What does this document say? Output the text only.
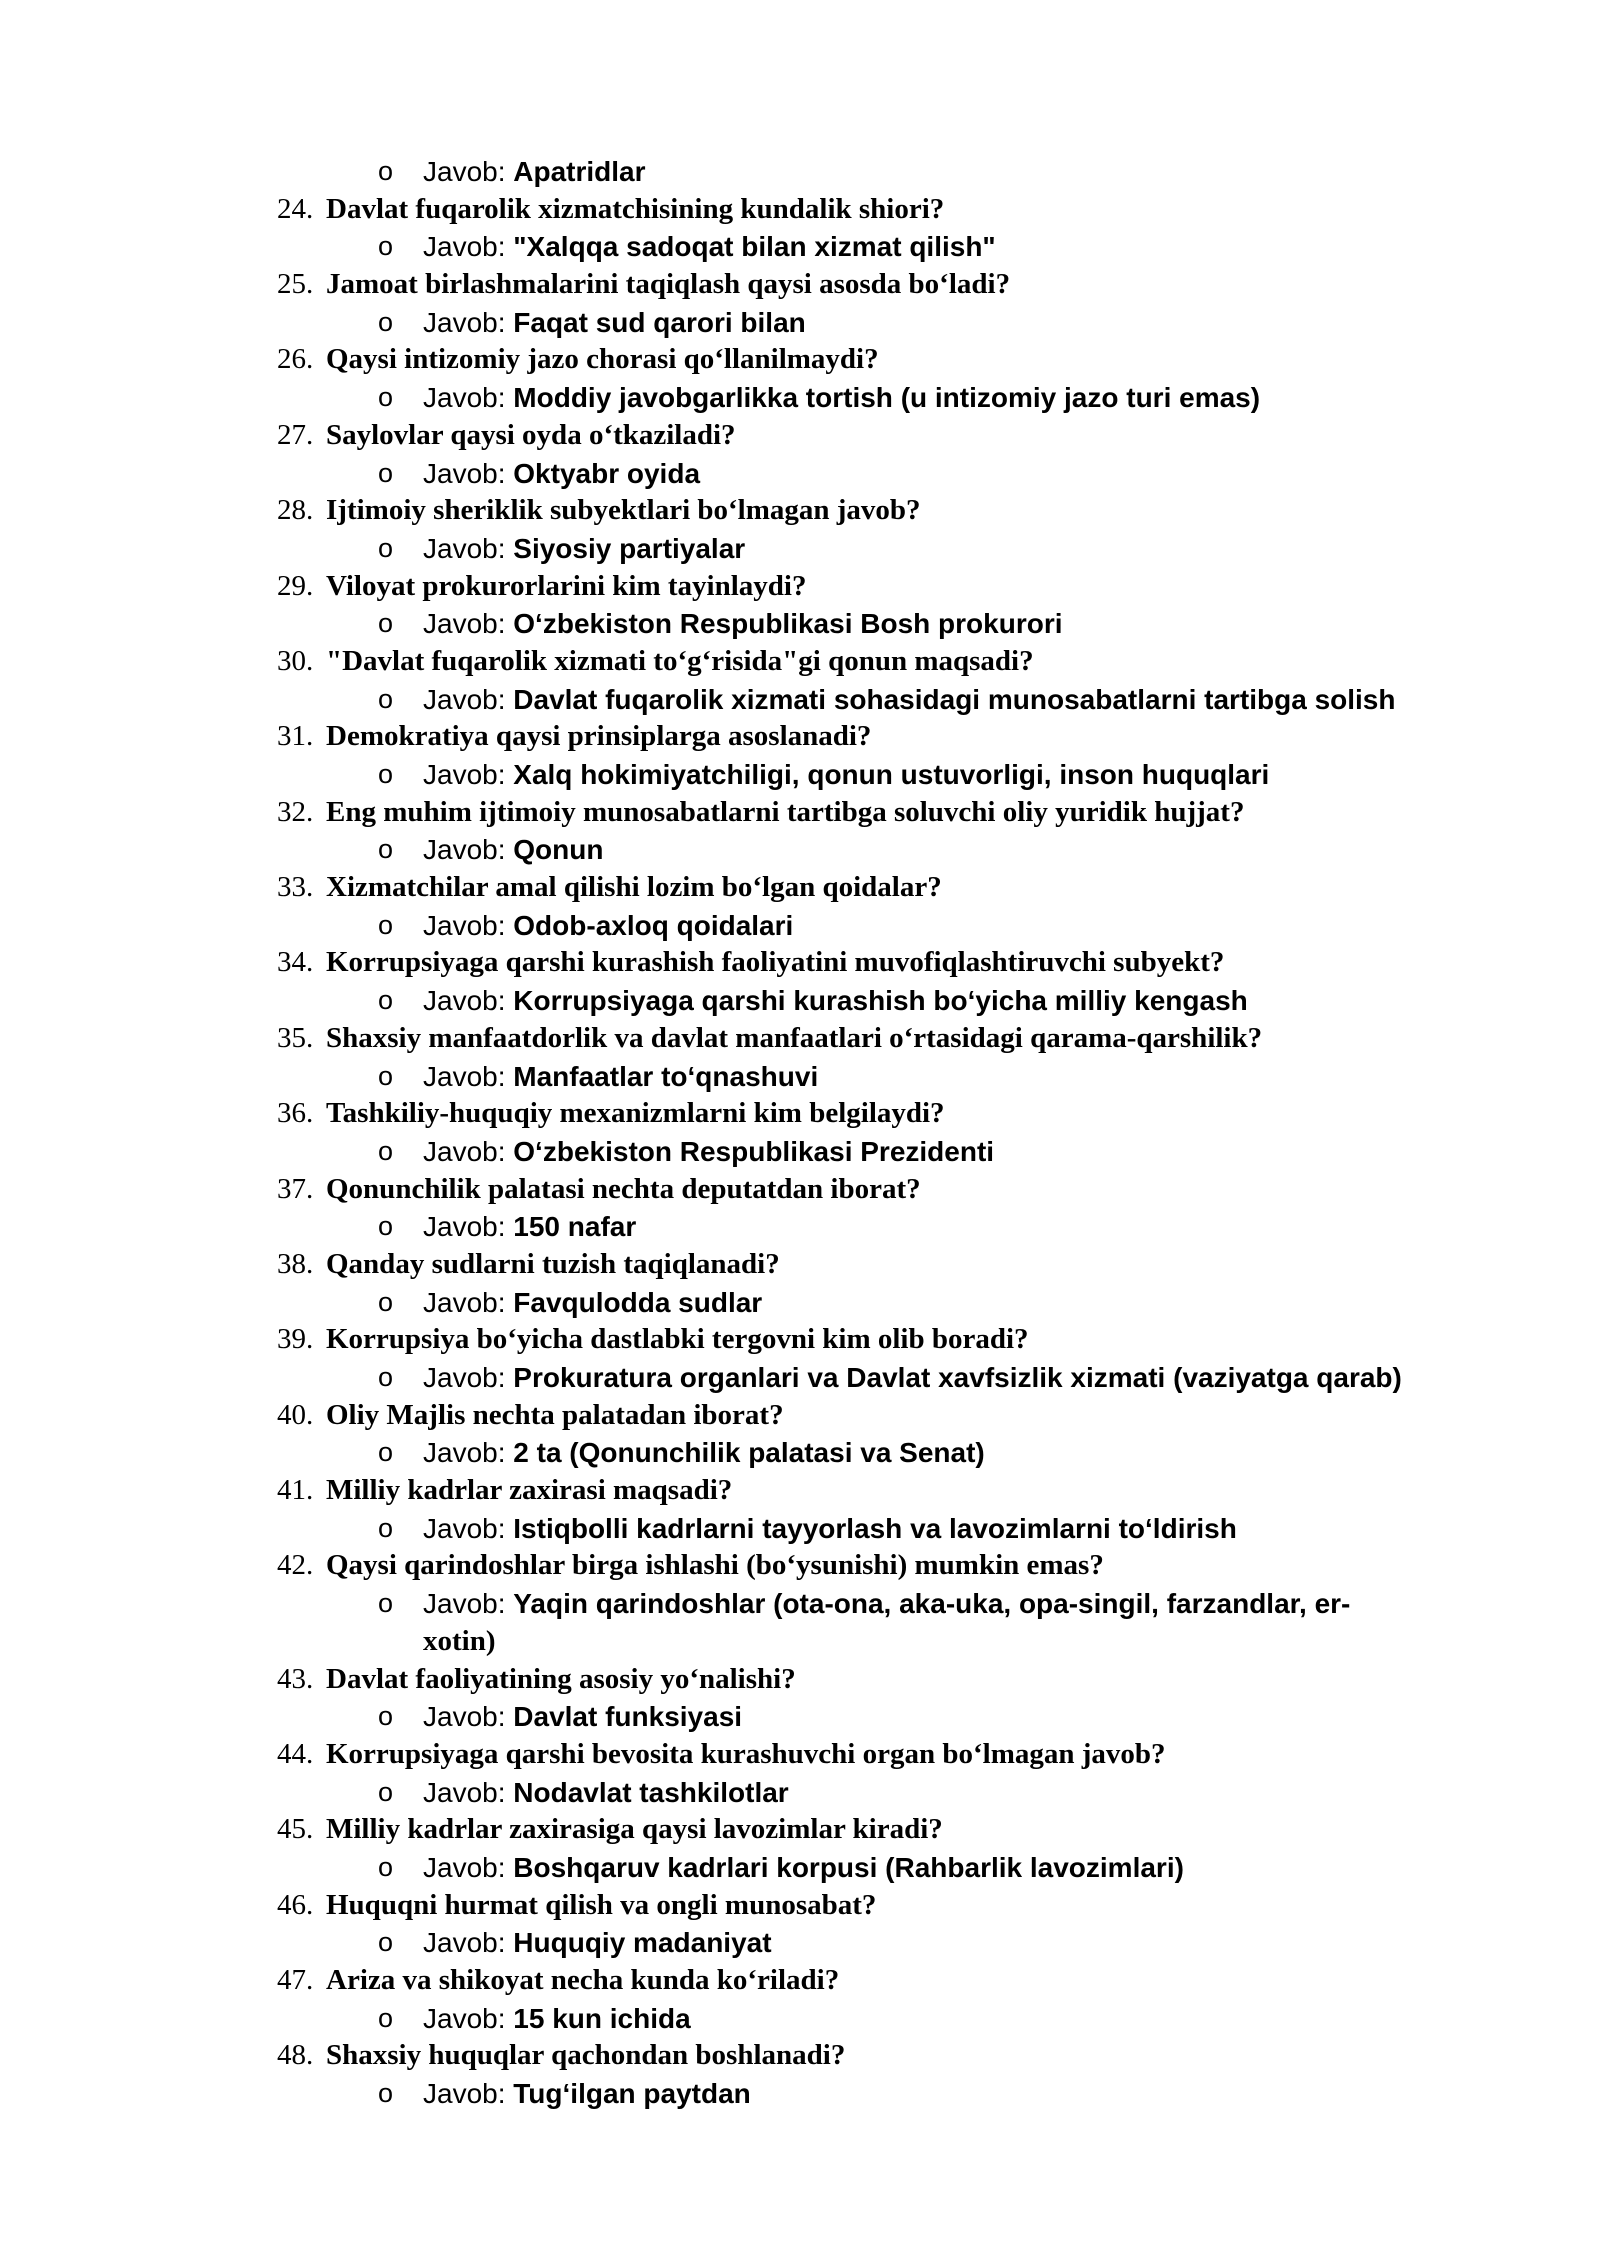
o Javob: Apatridlar
24. Davlat fuqarolik xizmatchisining kundalik shiori?
o Javob: "Xalqqa sadoqat bilan xizmat qilish"
25. Jamoat birlashmalarini taqiqlash qaysi asosda bo‘ladi?
o Javob: Faqat sud qarori bilan
26. Qaysi intizomiy jazo chorasi qo‘llanilmaydi?
o Javob: Moddiy javobgarlikka tortish (u intizomiy jazo turi emas)
27. Saylovlar qaysi oyda o‘tkaziladi?
o Javob: Oktyabr oyida
28. Ijtimoiy sheriklik subyektlari bo‘lmagan javob?
o Javob: Siyosiy partiyalar
29. Viloyat prokurorlarini kim tayinlaydi?
o Javob: O‘zbekiston Respublikasi Bosh prokurori
30. "Davlat fuqarolik xizmati to‘g‘risida"gi qonun maqsadi?
o Javob: Davlat fuqarolik xizmati sohasidagi munosabatlarni tartibga solish
31. Demokratiya qaysi prinsiplarga asoslanadi?
o Javob: Xalq hokimiyatchiligi, qonun ustuvorligi, inson huquqlari
32. Eng muhim ijtimoiy munosabatlarni tartibga soluvchi oliy yuridik hujjat?
o Javob: Qonun
33. Xizmatchilar amal qilishi lozim bo‘lgan qoidalar?
o Javob: Odob-axloq qoidalari
34. Korrupsiyaga qarshi kurashish faoliyatini muvofiqlashtiruvchi subyekt?
o Javob: Korrupsiyaga qarshi kurashish bo‘yicha milliy kengash
35. Shaxsiy manfaatdorlik va davlat manfaatlari o‘rtasidagi qarama-qarshilik?
o Javob: Manfaatlar to‘qnashuvi
36. Tashkiliy-huquqiy mexanizmlarni kim belgilaydi?
o Javob: O‘zbekiston Respublikasi Prezidenti
37. Qonunchilik palatasi nechta deputatdan iborat?
o Javob: 150 nafar
38. Qanday sudlarni tuzish taqiqlanadi?
o Javob: Favqulodda sudlar
39. Korrupsiya bo‘yicha dastlabki tergovni kim olib boradi?
o Javob: Prokuratura organlari va Davlat xavfsizlik xizmati (vaziyatga qarab)
40. Oliy Majlis nechta palatadan iborat?
o Javob: 2 ta (Qonunchilik palatasi va Senat)
41. Milliy kadrlar zaxirasi maqsadi?
o Javob: Istiqbolli kadrlarni tayyorlash va lavozimlarni to‘ldirish
42. Qaysi qarindoshlar birga ishlashi (bo‘ysunishi) mumkin emas?
o Javob: Yaqin qarindoshlar (ota-ona, aka-uka, opa-singil, farzandlar, er-
xotin)
43. Davlat faoliyatining asosiy yo‘nalishi?
o Javob: Davlat funksiyasi
44. Korrupsiyaga qarshi bevosita kurashuvchi organ bo‘lmagan javob?
o Javob: Nodavlat tashkilotlar
45. Milliy kadrlar zaxirasiga qaysi lavozimlar kiradi?
o Javob: Boshqaruv kadrlari korpusi (Rahbarlik lavozimlari)
46. Huquqni hurmat qilish va ongli munosabat?
o Javob: Huquqiy madaniyat
47. Ariza va shikoyat necha kunda ko‘riladi?
o Javob: 15 kun ichida
48. Shaxsiy huquqlar qachondan boshlanadi?
o Javob: Tug‘ilgan paytdan
